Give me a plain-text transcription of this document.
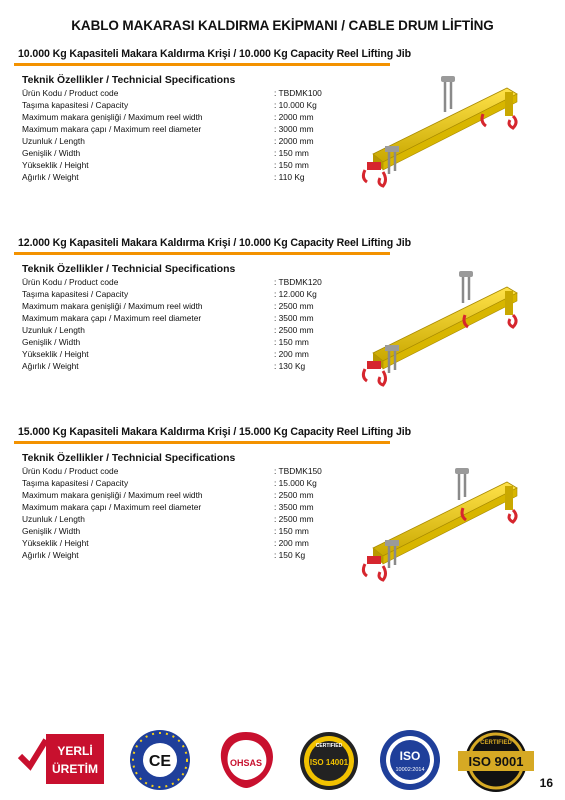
KABLO MAKARASI KALDIRMA EKİPMANI / CABLE DRUM LİFTİNG
10.000 Kg Kapasiteli Makara Kaldırma Krişi / 10.000 Kg Capacity Reel Lifting Jib
Teknik Özellikler / Technicial Specifications
Ürün Kodu / Product code	: TBDMK100
Taşıma kapasitesi / Capacity	: 10.000 Kg
Maximum makara genişliği / Maximum reel width	: 2000 mm
Maximum makara çapı / Maximum reel diameter	: 3000 mm
Uzunluk / Length	: 2000 mm
Genişlik / Width	: 150 mm
Yükseklik / Height	: 150 mm
Ağırlık / Weight	: 110 Kg
12.000 Kg Kapasiteli Makara Kaldırma Krişi / 10.000 Kg Capacity Reel Lifting Jib
Teknik Özellikler / Technicial Specifications
Ürün Kodu / Product code	: TBDMK120
Taşıma kapasitesi / Capacity	: 12.000 Kg
Maximum makara genişliği / Maximum reel width	: 2500 mm
Maximum makara çapı / Maximum reel diameter	: 3500 mm
Uzunluk / Length	: 2500 mm
Genişlik / Width	: 150 mm
Yükseklik / Height	: 200 mm
Ağırlık / Weight	: 130 Kg
15.000 Kg Kapasiteli Makara Kaldırma Krişi / 15.000 Kg Capacity Reel Lifting Jib
Teknik Özellikler / Technicial Specifications
Ürün Kodu / Product code	: TBDMK150
Taşıma kapasitesi / Capacity	: 15.000 Kg
Maximum makara genişliği / Maximum reel width	: 2500 mm
Maximum makara çapı / Maximum reel diameter	: 3500 mm
Uzunluk / Length	: 2500 mm
Genişlik / Width	: 150 mm
Yükseklik / Height	: 200 mm
Ağırlık / Weight	: 150 Kg
YERLİ
ÜRETİM	CE	OHSAS
CERTIFIED
ISO 14001	ISO
10002:2014
ISO 9001
CERTIFIED
16
